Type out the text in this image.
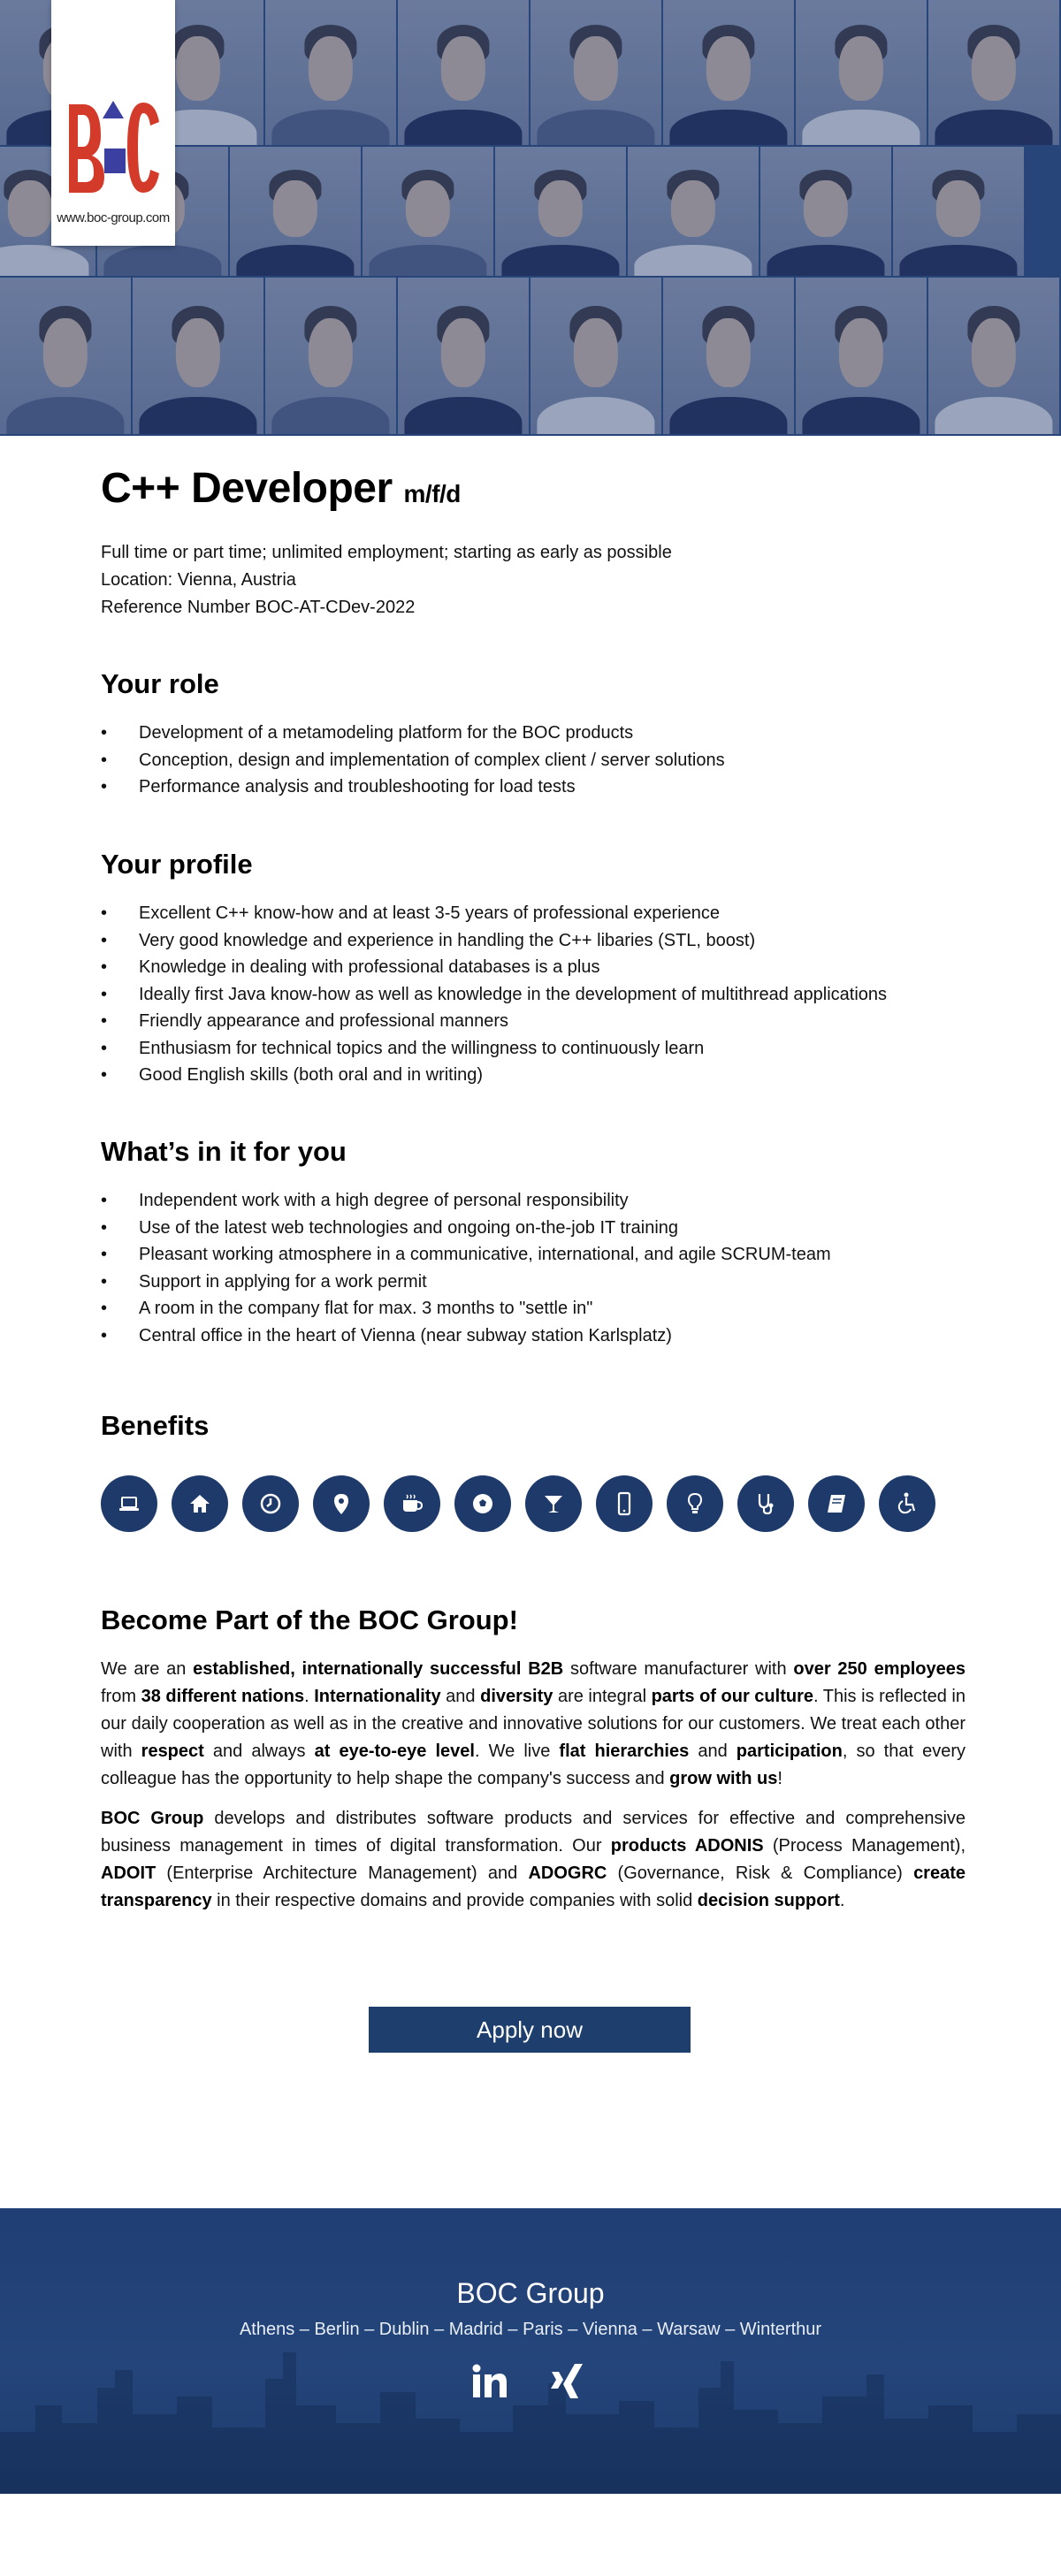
www.boc-group.com
C++ Developer m/f/d
Full time or part time; unlimited employment; starting as early as possible
Location: Vienna, Austria
Reference Number BOC-AT-CDev-2022
Your role
• Development of a metamodeling platform for the BOC products
• Conception, design and implementation of complex client / server solutions
• Performance analysis and troubleshooting for load tests
Your profile
• Excellent C++ know-how and at least 3-5 years of professional experience
• Very good knowledge and experience in handling the C++ libaries (STL, boost)
• Knowledge in dealing with professional databases is a plus
• Ideally first Java know-how as well as knowledge in the development of multithread applications
• Friendly appearance and professional manners
• Enthusiasm for technical topics and the willingness to continuously learn
• Good English skills (both oral and in writing)
What’s in it for you
• Independent work with a high degree of personal responsibility
• Use of the latest web technologies and ongoing on-the-job IT training
• Pleasant working atmosphere in a communicative, international, and agile SCRUM-team
• Support in applying for a work permit
• A room in the company flat for max. 3 months to "settle in"
• Central office in the heart of Vienna (near subway station Karlsplatz)
Benefits
Become Part of the BOC Group!

We are an established, internationally successful B2B software manufacturer with over 250 employees from 38 different nations. Internationality and diversity are integral parts of our culture. This is reflected in our daily cooperation as well as in the creative and innovative solutions for our customers. We treat each other with respect and always at eye-to-eye level. We live flat hierarchies and participation, so that every colleague has the opportunity to help shape the company's success and grow with us!

BOC Group develops and distributes software products and services for effective and comprehensive business management in times of digital transformation. Our products ADONIS (Process Management), ADOIT (Enterprise Architecture Management) and ADOGRC (Governance, Risk & Compliance) create transparency in their respective domains and provide companies with solid decision support.

Apply now
BOC Group
Athens – Berlin – Dublin – Madrid – Paris – Vienna – Warsaw – Winterthur
